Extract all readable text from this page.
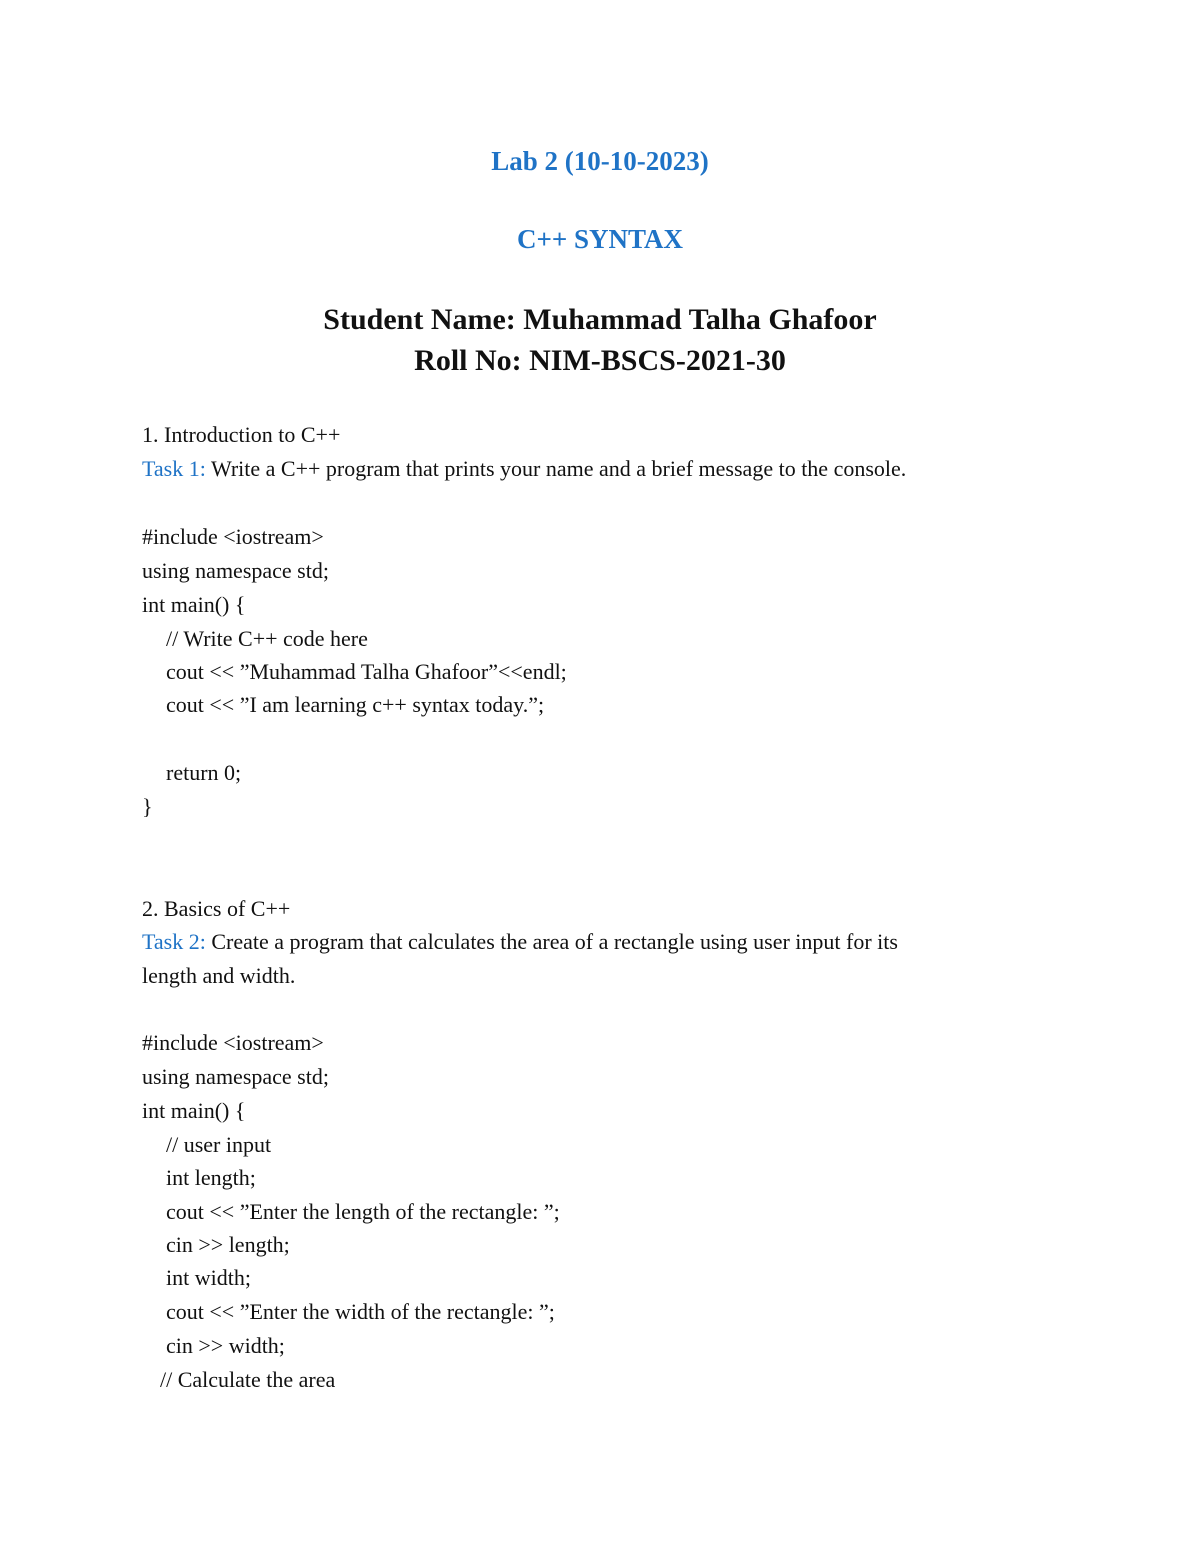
Lab 2 (10-10-2023)
C++ SYNTAX
Student Name: Muhammad Talha Ghafoor
Roll No: NIM-BSCS-2021-30
1. Introduction to C++
Task 1: Write a C++ program that prints your name and a brief message to the console.
#include <iostream>
using namespace std;
int main() {
// Write C++ code here
cout << ”Muhammad Talha Ghafoor”<<endl;
cout << ”I am learning c++ syntax today.”;
return 0;
}
2. Basics of C++
Task 2: Create a program that calculates the area of a rectangle using user input for its
length and width.
#include <iostream>
using namespace std;
int main() {
// user input
int length;
cout << ”Enter the length of the rectangle: ”;
cin >> length;
int width;
cout << ”Enter the width of the rectangle: ”;
cin >> width;
// Calculate the area
